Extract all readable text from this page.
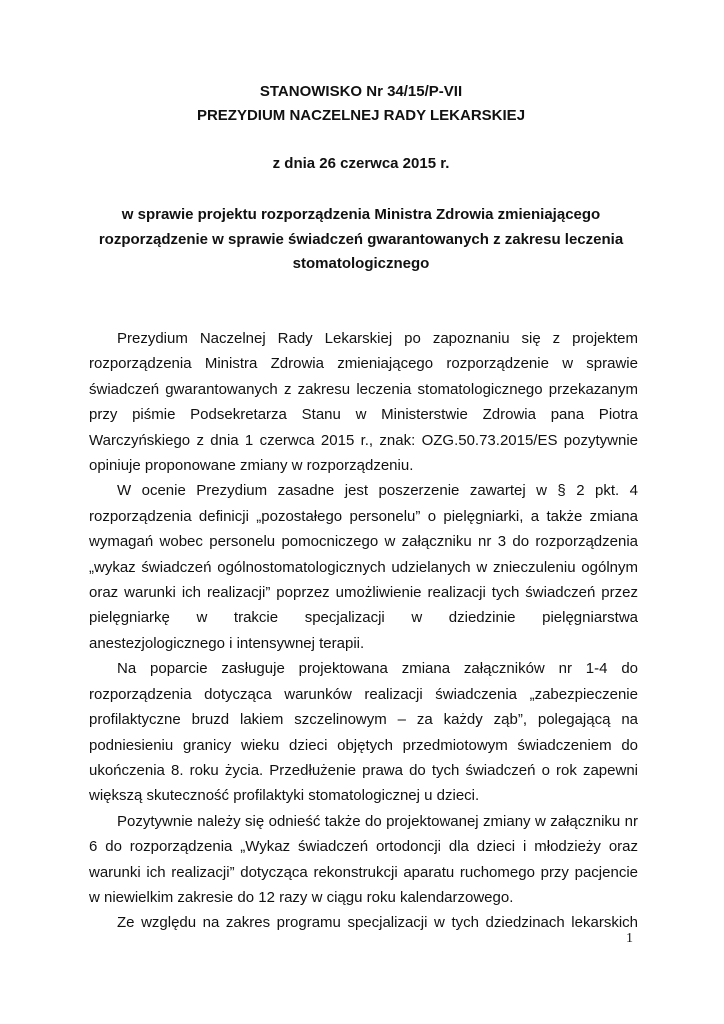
STANOWISKO Nr 34/15/P-VII
PREZYDIUM NACZELNEJ RADY LEKARSKIEJ
z dnia 26 czerwca 2015 r.
w sprawie projektu rozporządzenia Ministra Zdrowia zmieniającego rozporządzenie w sprawie świadczeń gwarantowanych z zakresu leczenia stomatologicznego

Prezydium Naczelnej Rady Lekarskiej po zapoznaniu się z projektem rozporządzenia Ministra Zdrowia zmieniającego rozporządzenie w sprawie świadczeń gwarantowanych z zakresu leczenia stomatologicznego przekazanym przy piśmie Podsekretarza Stanu w Ministerstwie Zdrowia pana Piotra Warczyńskiego z dnia 1 czerwca 2015 r., znak: OZG.50.73.2015/ES pozytywnie opiniuje proponowane zmiany w rozporządzeniu.

W ocenie Prezydium zasadne jest poszerzenie zawartej w § 2 pkt. 4 rozporządzenia definicji „pozostałego personelu” o pielęgniarki, a także zmiana wymagań wobec personelu pomocniczego w załączniku nr 3 do rozporządzenia „wykaz świadczeń ogólnostomatologicznych udzielanych w znieczuleniu ogólnym oraz warunki ich realizacji” poprzez umożliwienie realizacji tych świadczeń przez pielęgniarkę w trakcie specjalizacji w dziedzinie pielęgniarstwa anestezjologicznego i intensywnej terapii.

Na poparcie zasługuje projektowana zmiana załączników nr 1-4 do rozporządzenia dotycząca warunków realizacji świadczenia „zabezpieczenie profilaktyczne bruzd lakiem szczelinowym – za każdy ząb”, polegającą na podniesieniu granicy wieku dzieci objętych przedmiotowym świadczeniem do ukończenia 8. roku życia. Przedłużenie prawa do tych świadczeń o rok zapewni większą skuteczność profilaktyki stomatologicznej u dzieci.

Pozytywnie należy się odnieść także do projektowanej zmiany w załączniku nr 6 do rozporządzenia „Wykaz świadczeń ortodoncji dla dzieci i młodzieży oraz warunki ich realizacji” dotycząca rekonstrukcji aparatu ruchomego przy pacjencie w niewielkim zakresie do 12 razy w ciągu roku kalendarzowego.

Ze względu na zakres programu specjalizacji w tych dziedzinach lekarskich

1
